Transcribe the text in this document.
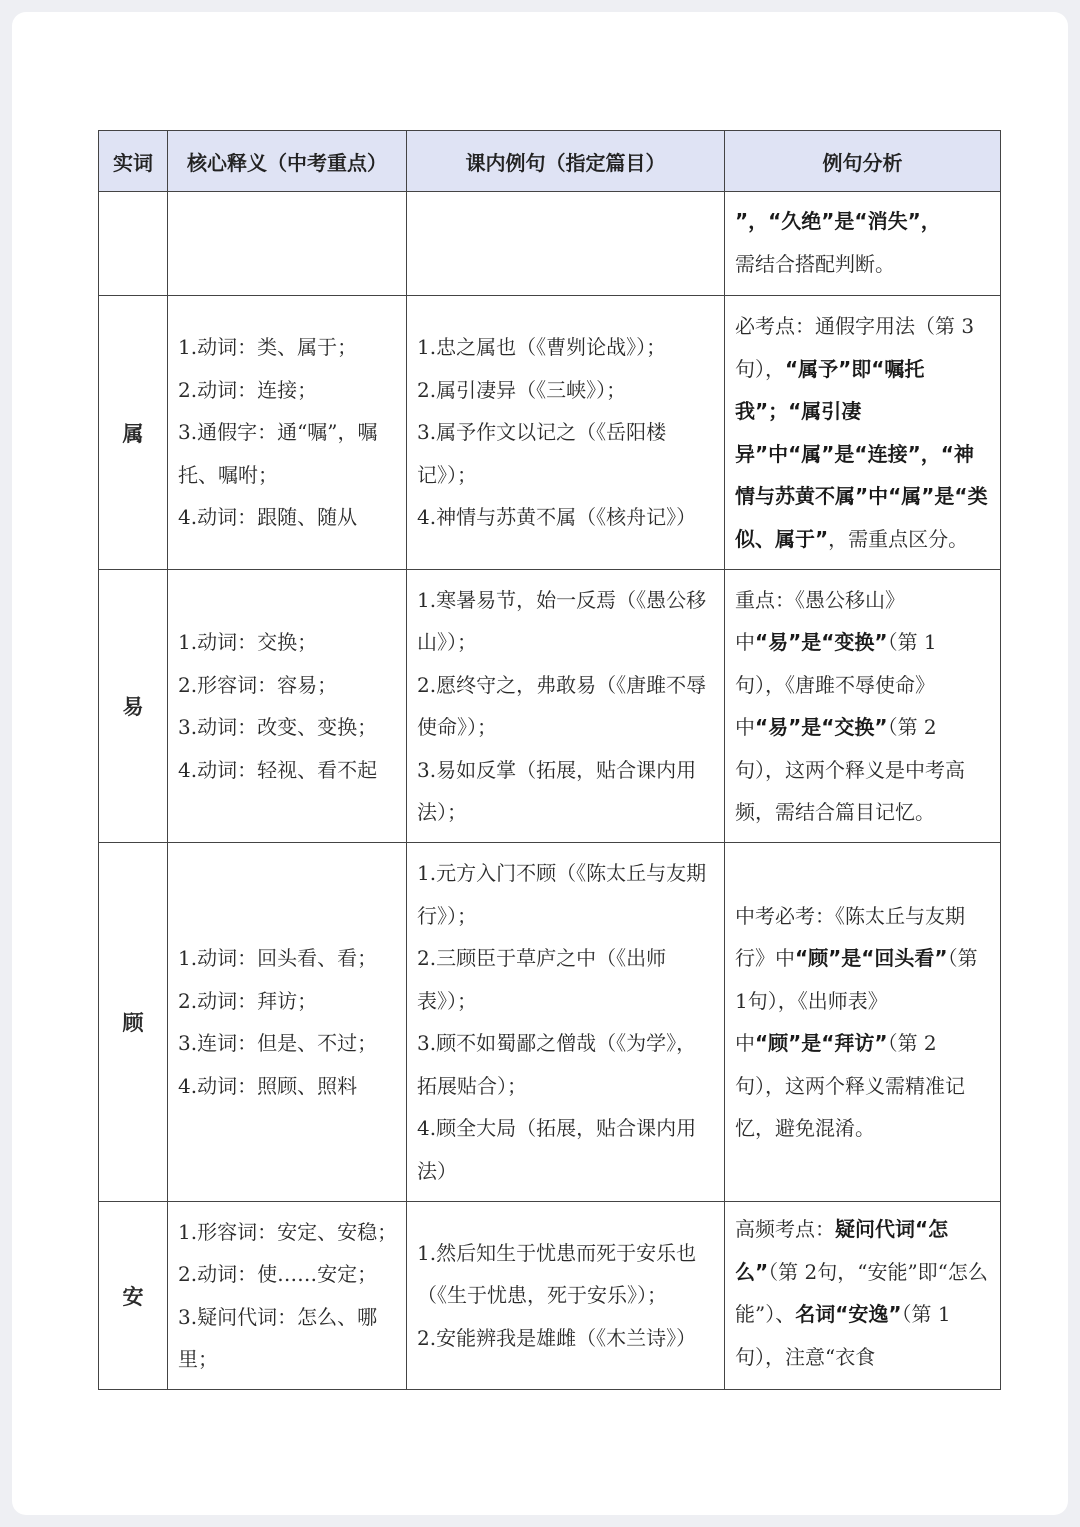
实词	核心释义（中考重点）	课内例句（指定篇目）	例句分析

			”，“久绝”是“消失”，
需结合搭配判断。

属	1.动词：类、属于；
2.动词：连接；
3.通假字：通“嘱”，嘱托、嘱咐；
4.动词：跟随、随从	1.忠之属也（《曹刿论战》）；
2.属引凄异（《三峡》）；
3.属予作文以记之（《岳阳楼记》）；
4.神情与苏黄不属（《核舟记》）	必考点：通假字用法（第 3 句），“属予”即“嘱托我”；“属引凄异”中“属”是“连接”，“神情与苏黄不属”中“属”是“类似、属于”，需重点区分。

易	1.动词：交换；
2.形容词：容易；
3.动词：改变、变换；
4.动词：轻视、看不起	1.寒暑易节，始一反焉（《愚公移山》）；
2.愿终守之，弗敢易（《唐雎不辱使命》）；
3.易如反掌（拓展，贴合课内用法）；	重点：《愚公移山》中“易”是“变换”（第 1 句），《唐雎不辱使命》中“易”是“交换”（第 2 句），这两个释义是中考高频，需结合篇目记忆。

顾	1.动词：回头看、看；
2.动词：拜访；
3.连词：但是、不过；
4.动词：照顾、照料	1.元方入门不顾（《陈太丘与友期行》）；
2.三顾臣于草庐之中（《出师表》）；
3.顾不如蜀鄙之僧哉（《为学》，拓展贴合）；
4.顾全大局（拓展，贴合课内用法）	中考必考：《陈太丘与友期行》中“顾”是“回头看”（第 1句），《出师表》中“顾”是“拜访”（第 2 句），这两个释义需精准记忆，避免混淆。

安	1.形容词：安定、安稳；
2.动词：使……安定；
3.疑问代词：怎么、哪里；	1.然后知生于忧患而死于安乐也（《生于忧患，死于安乐》）；
2.安能辨我是雄雌（《木兰诗》）	高频考点：疑问代词“怎么”（第 2句，“安能”即“怎么能”）、名词“安逸”（第 1句），注意“衣食
